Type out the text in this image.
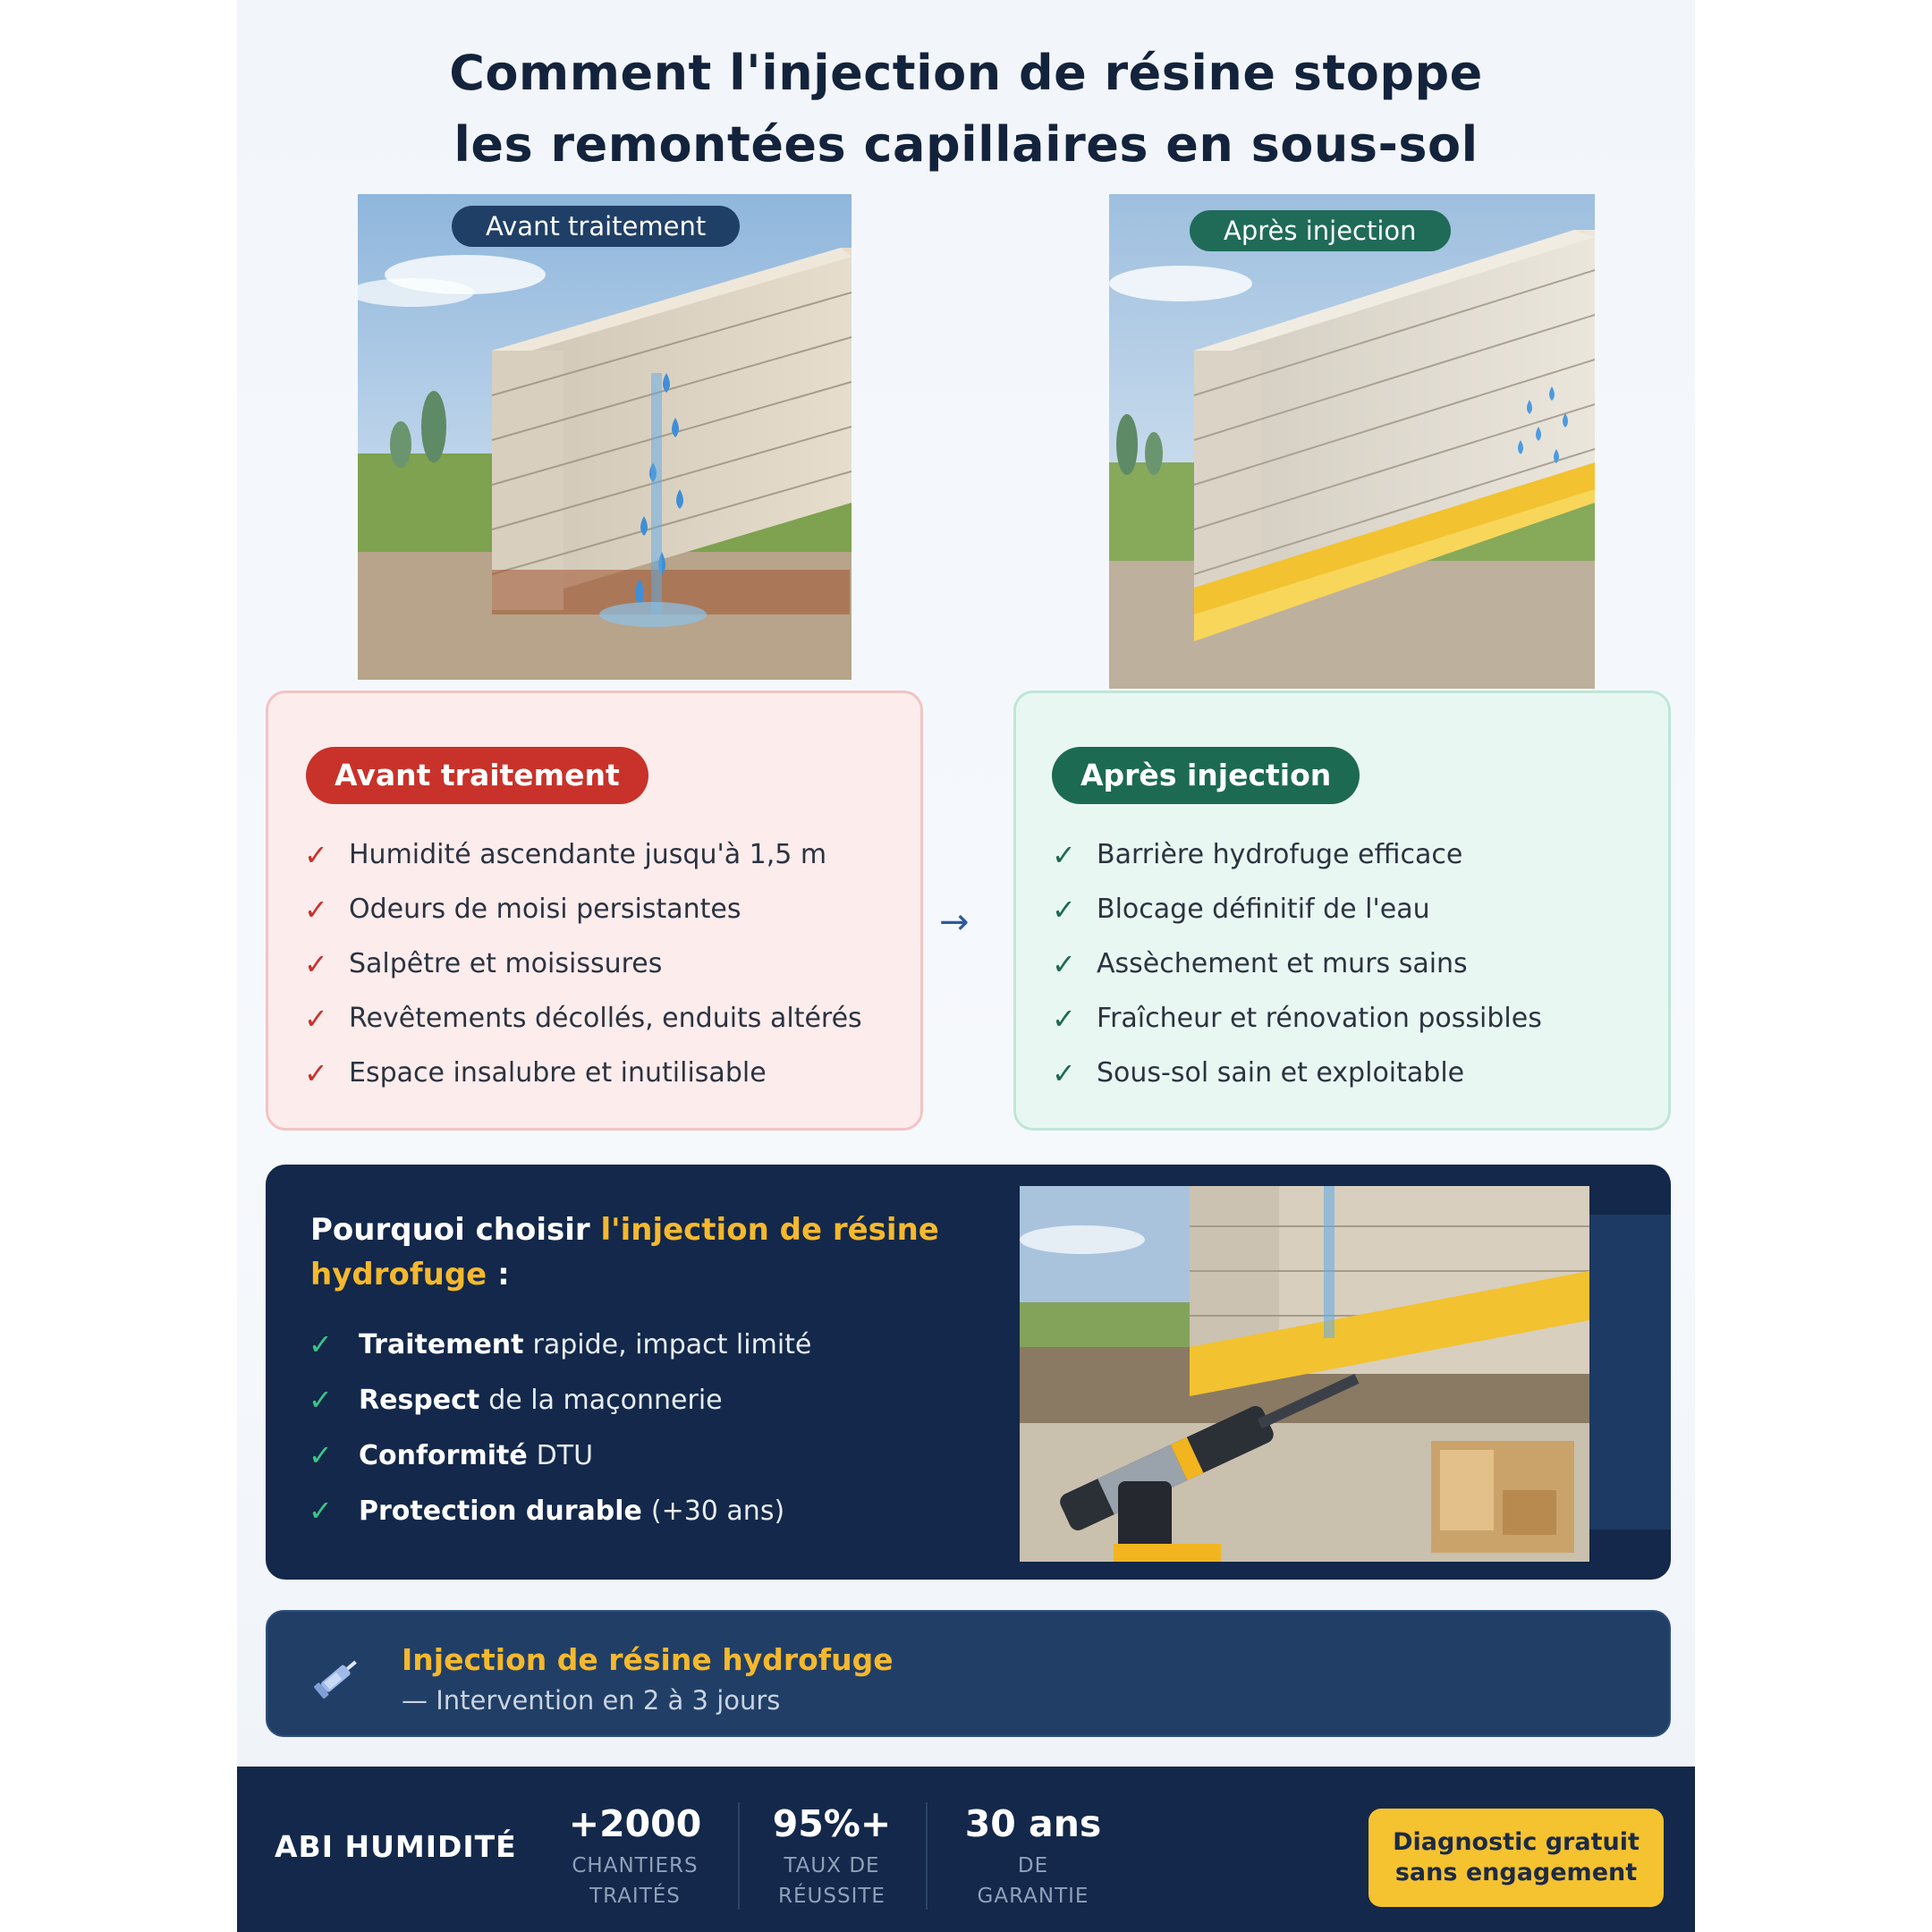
Comment l'injection de résine stoppe
les remontées capillaires en sous-sol
Avant traitement	Après injection
Avant traitement
✓ Humidité ascendante jusqu'à 1,5 m
✓ Odeurs de moisi persistantes
✓ Salpêtre et moisissures
✓ Revêtements décollés, enduits altérés
✓ Espace insalubre et inutilisable
→
Après injection
✓ Barrière hydrofuge efficace
✓ Blocage définitif de l'eau
✓ Assèchement et murs sains
✓ Fraîcheur et rénovation possibles
✓ Sous-sol sain et exploitable
Pourquoi choisir l'injection de résine hydrofuge :
✓ Traitement rapide, impact limité
✓ Respect de la maçonnerie
✓ Conformité DTU
✓ Protection durable (+30 ans)
Injection de résine hydrofuge
— Intervention en 2 à 3 jours
ABI HUMIDITÉ
+2000
CHANTIERS
TRAITÉS
95%+
TAUX DE
RÉUSSITE
30 ans
DE
GARANTIE
Diagnostic gratuit
sans engagement
